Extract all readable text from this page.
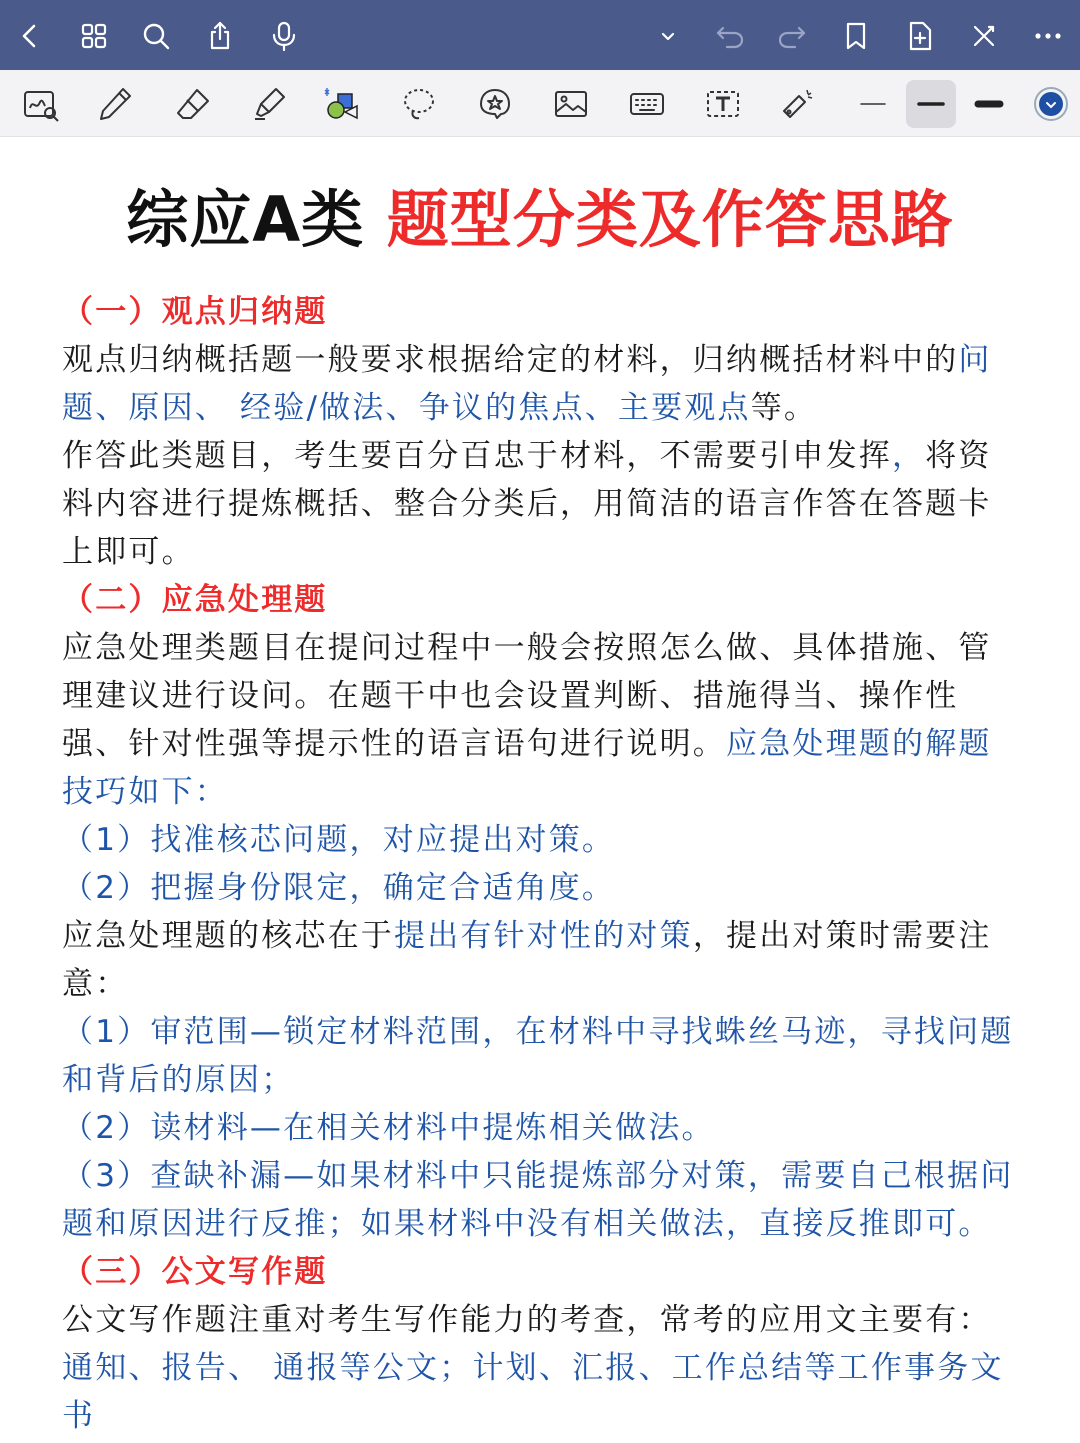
综应A类 题型分类及作答思路

（一）观点归纳题

观点归纳概括题一般要求根据给定的材料，归纳概括材料中的问题、原因、 经验/做法、争议的焦点、主要观点等。

作答此类题目，考生要百分百忠于材料，不需要引申发挥，将资料内容进行提炼概括、整合分类后，用简洁的语言作答在答题卡上即可。

（二）应急处理题

应急处理类题目在提问过程中一般会按照怎么做、具体措施、管理建议进行设问。在题干中也会设置判断、措施得当、操作性强、针对性强等提示性的语言语句进行说明。应急处理题的解题技巧如下：

（1）找准核芯问题，对应提出对策。

（2）把握身份限定，确定合适角度。

应急处理题的核芯在于提出有针对性的对策，提出对策时需要注意：

（1）审范围—锁定材料范围，在材料中寻找蛛丝马迹，寻找问题和背后的原因；

（2）读材料—在相关材料中提炼相关做法。

（3）查缺补漏—如果材料中只能提炼部分对策，需要自己根据问题和原因进行反推；如果材料中没有相关做法，直接反推即可。

（三）公文写作题

公文写作题注重对考生写作能力的考查，常考的应用文主要有：通知、报告、 通报等公文；计划、汇报、工作总结等工作事务文书
